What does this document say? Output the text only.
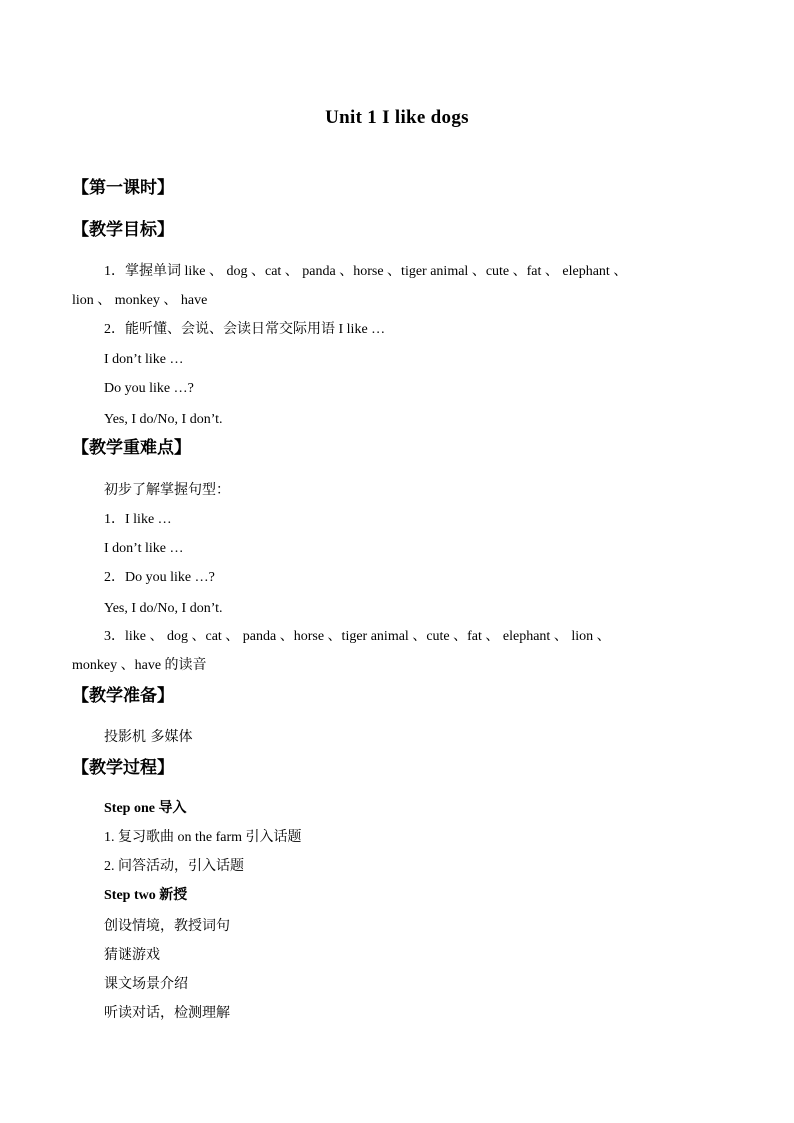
Unit 1 I like dogs
【第一课时】
【教学目标】
1．掌握单词 like 、 dog 、cat 、 panda 、horse 、tiger animal 、cute 、fat 、 elephant 、
lion 、 monkey 、 have
2．能听懂、会说、会读日常交际用语 I like …
I don’t like …
Do you like …?
Yes, I do/No, I don’t.
【教学重难点】
初步了解掌握句型：
1．I like …
I don’t like …
2．Do you like …?
Yes, I do/No, I don’t.
3．like 、 dog 、cat 、 panda 、horse 、tiger animal 、cute 、fat 、 elephant 、 lion 、
monkey 、have 的读音
【教学准备】
投影机 多媒体
【教学过程】
Step one 导入
1. 复习歌曲 on the farm 引入话题
2. 问答活动，引入话题
Step two 新授
创设情境，教授词句
猜谜游戏
课文场景介绍
听读对话，检测理解
